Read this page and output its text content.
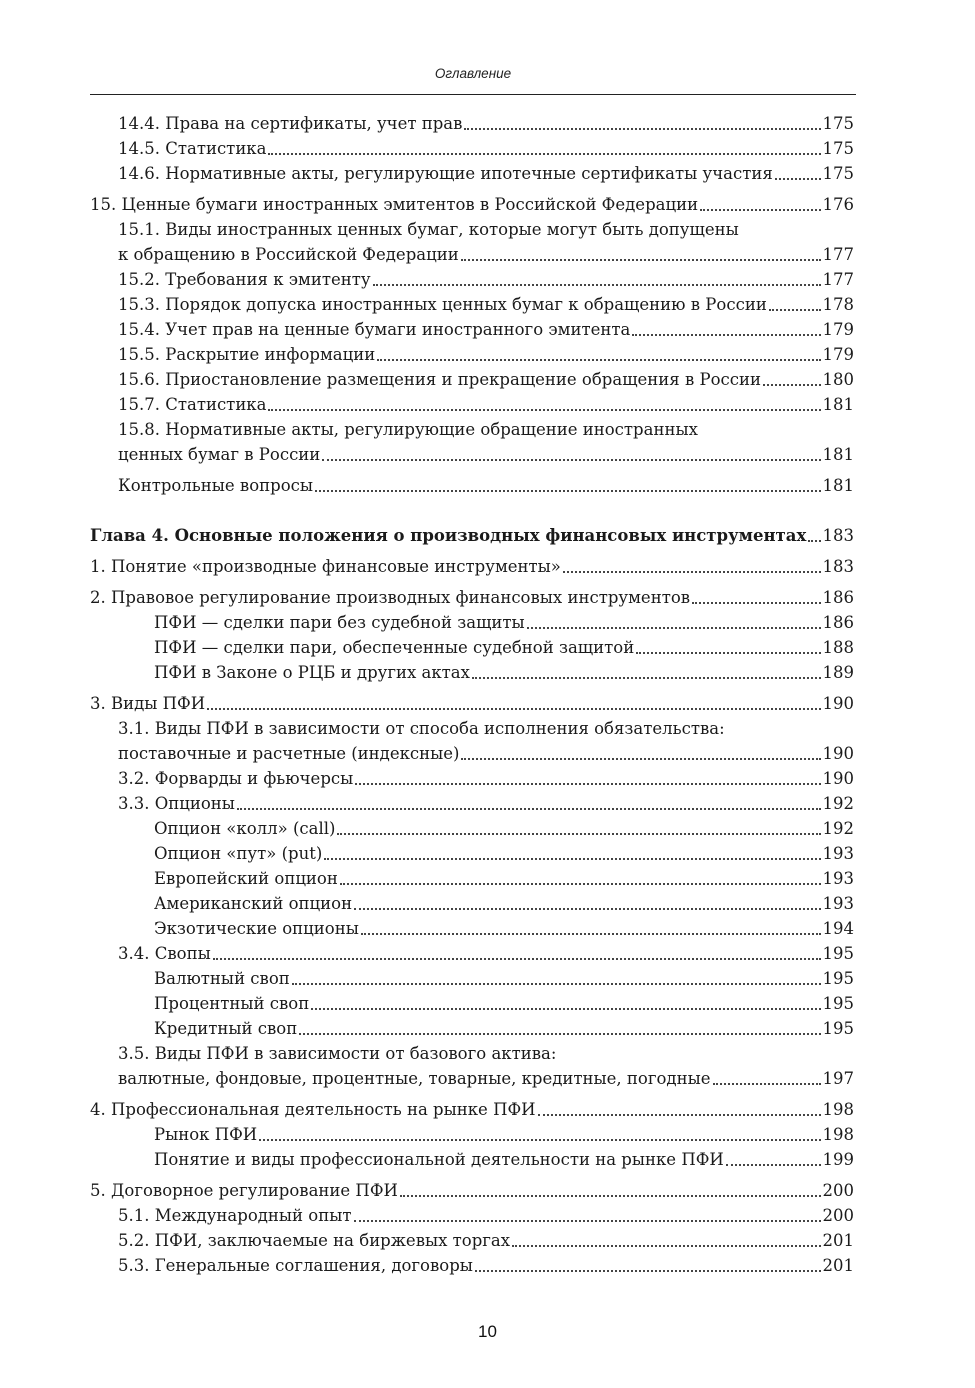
Оглавление
14.4. Права на сертификаты, учет прав	175
14.5. Статистика	175
14.6. Нормативные акты, регулирующие ипотечные сертификаты участия	175
15. Ценные бумаги иностранных эмитентов в Российской Федерации	176
15.1. Виды иностранных ценных бумаг, которые могут быть допущены
к обращению в Российской Федерации	177
15.2. Требования к эмитенту	177
15.3. Порядок допуска иностранных ценных бумаг к обращению в России	178
15.4. Учет прав на ценные бумаги иностранного эмитента	179
15.5. Раскрытие информации	179
15.6. Приостановление размещения и прекращение обращения в России	180
15.7. Статистика	181
15.8. Нормативные акты, регулирующие обращение иностранных
ценных бумаг в России	181
Контрольные вопросы	181
Глава 4. Основные положения о производных финансовых инструментах 183
1. Понятие «производные финансовые инструменты»	183
2. Правовое регулирование производных финансовых инструментов	186
ПФИ — сделки пари без судебной защиты	186
ПФИ — сделки пари, обеспеченные судебной защитой	188
ПФИ в Законе о РЦБ и других актах	189
3. Виды ПФИ	190
3.1. Виды ПФИ в зависимости от способа исполнения обязательства:
поставочные и расчетные (индексные)	190
3.2. Форварды и фьючерсы	190
3.3. Опционы	192
Опцион «колл» (call)	192
Опцион «пут» (put)	193
Европейский опцион	193
Американский опцион	193
Экзотические опционы	194
3.4. Свопы	195
Валютный своп	195
Процентный своп	195
Кредитный своп	195
3.5. Виды ПФИ в зависимости от базового актива:
валютные, фондовые, процентные, товарные, кредитные, погодные	197
4. Профессиональная деятельность на рынке ПФИ	198
Рынок ПФИ	198
Понятие и виды профессиональной деятельности на рынке ПФИ	199
5. Договорное регулирование ПФИ	200
5.1. Международный опыт	200
5.2. ПФИ, заключаемые на биржевых торгах	201
5.3. Генеральные соглашения, договоры	201
10
